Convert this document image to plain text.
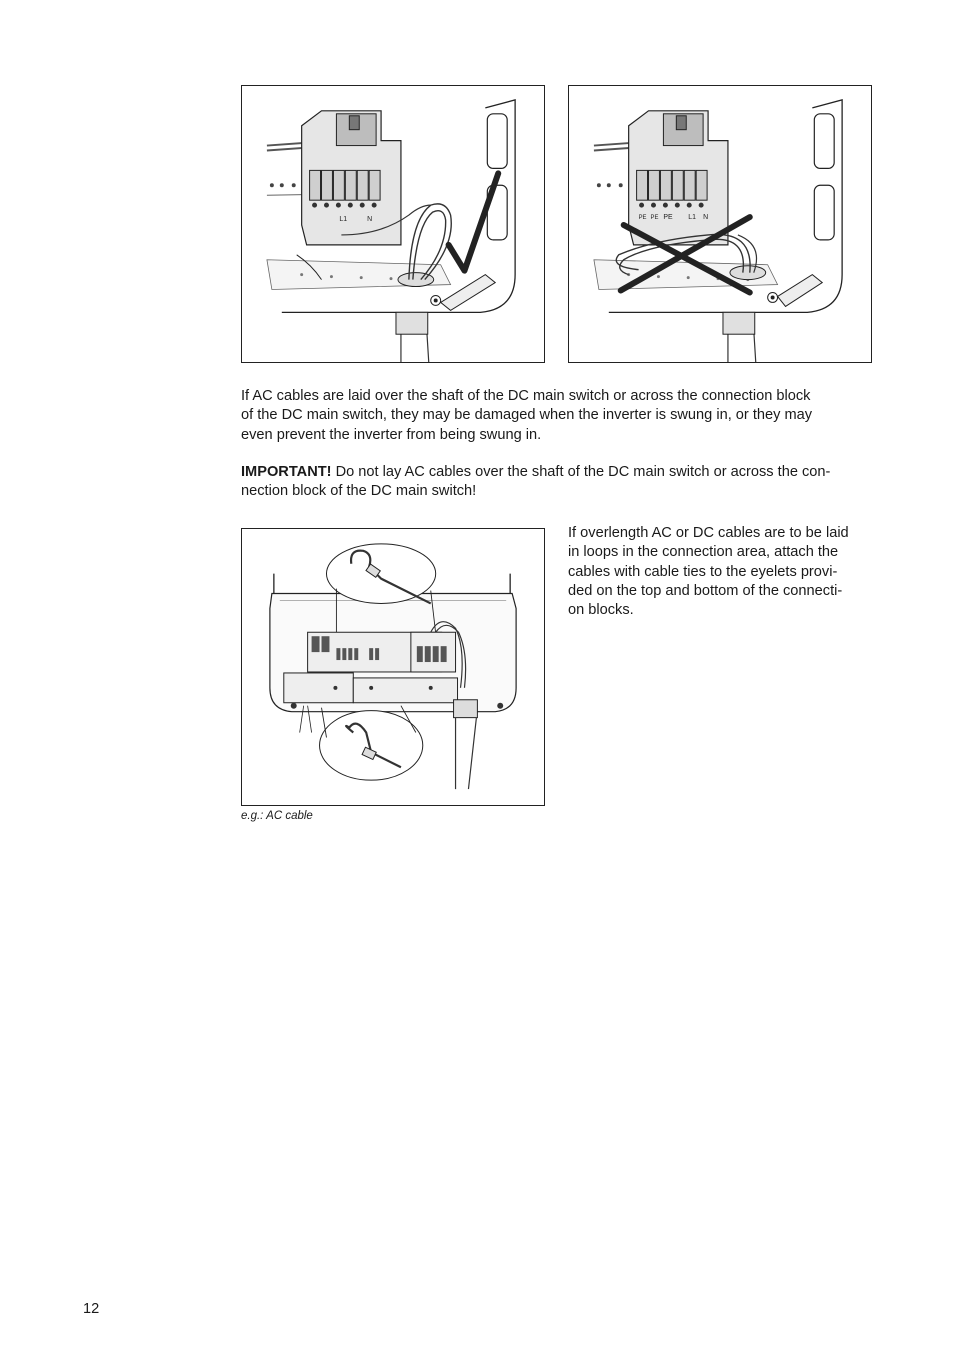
L1	N	PE PE PE L1 N

If AC cables are laid over the shaft of the DC main switch or across the connection block
of the DC main switch, they may be damaged when the inverter is swung in, or they may
even prevent the inverter from being swung in.

IMPORTANT! Do not lay AC cables over the shaft of the DC main switch or across the con-
nection block of the DC main switch!

If overlength AC or DC cables are to be laid
in loops in the connection area, attach the
cables with cable ties to the eyelets provi-
ded on the top and bottom of the connecti-
on blocks.

e.g.: AC cable

12
